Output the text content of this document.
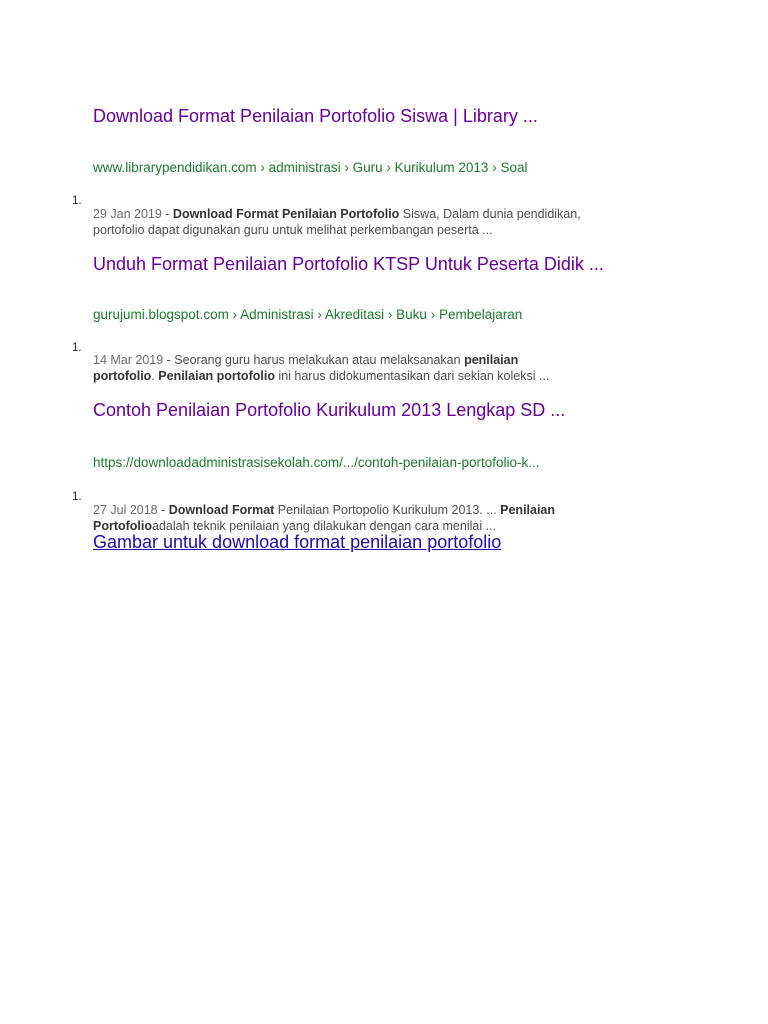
Download Format Penilaian Portofolio Siswa | Library ...
www.librarypendidikan.com › administrasi › Guru › Kurikulum 2013 › Soal
1.
29 Jan 2019 - Download Format Penilaian Portofolio Siswa, Dalam dunia pendidikan,
portofolio dapat digunakan guru untuk melihat perkembangan peserta ...
Unduh Format Penilaian Portofolio KTSP Untuk Peserta Didik ...
gurujumi.blogspot.com › Administrasi › Akreditasi › Buku › Pembelajaran
1.
14 Mar 2019 - Seorang guru harus melakukan atau melaksanakan penilaian
portofolio. Penilaian portofolio ini harus didokumentasikan dari sekian koleksi ...
Contoh Penilaian Portofolio Kurikulum 2013 Lengkap SD ...
https://downloadadministrasisekolah.com/.../contoh-penilaian-portofolio-k...
1.
27 Jul 2018 - Download Format Penilaian Portopolio Kurikulum 2013. ... Penilaian
Portofolioadalah teknik penilaian yang dilakukan dengan cara menilai ...
Gambar untuk download format penilaian portofolio
